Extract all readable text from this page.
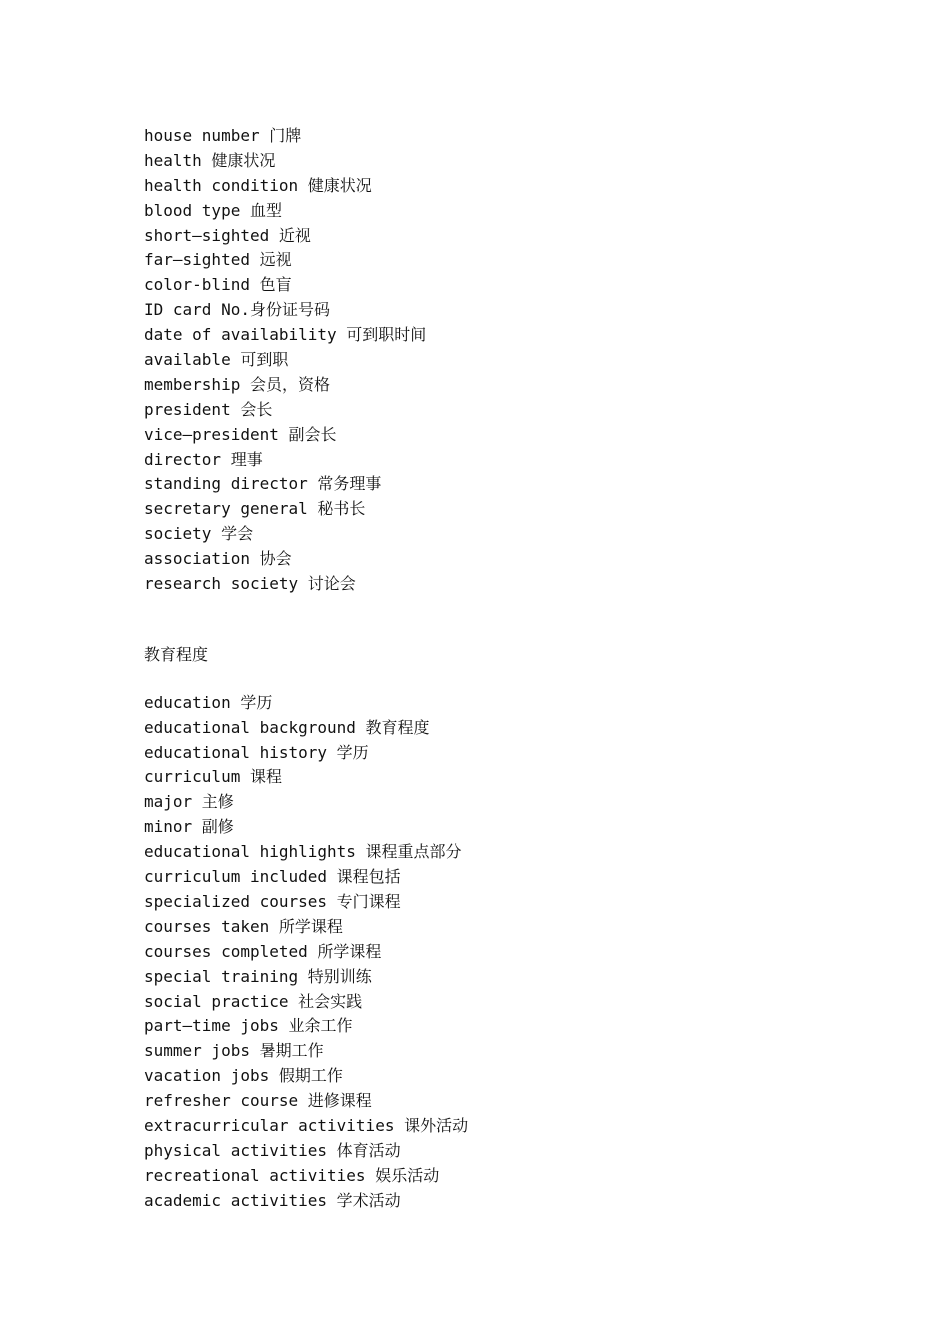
house number 门牌
health 健康状况
health condition 健康状况
blood type 血型
short—sighted 近视
far—sighted 远视
color-blind 色盲
ID card No.身份证号码
date of availability 可到职时间
available 可到职
membership 会员，资格
president 会长
vice—president 副会长
director 理事
standing director 常务理事
secretary general 秘书长
society 学会
association 协会
research society 讨论会
教育程度
education 学历
educational background 教育程度
educational history 学历
curriculum 课程
major 主修
minor 副修
educational highlights 课程重点部分
curriculum included 课程包括
specialized courses 专门课程
courses taken 所学课程
courses completed 所学课程
special training 特别训练
social practice 社会实践
part—time jobs 业余工作
summer jobs 暑期工作
vacation jobs 假期工作
refresher course 进修课程
extracurricular activities 课外活动
physical activities 体育活动
recreational activities 娱乐活动
academic activities 学术活动
